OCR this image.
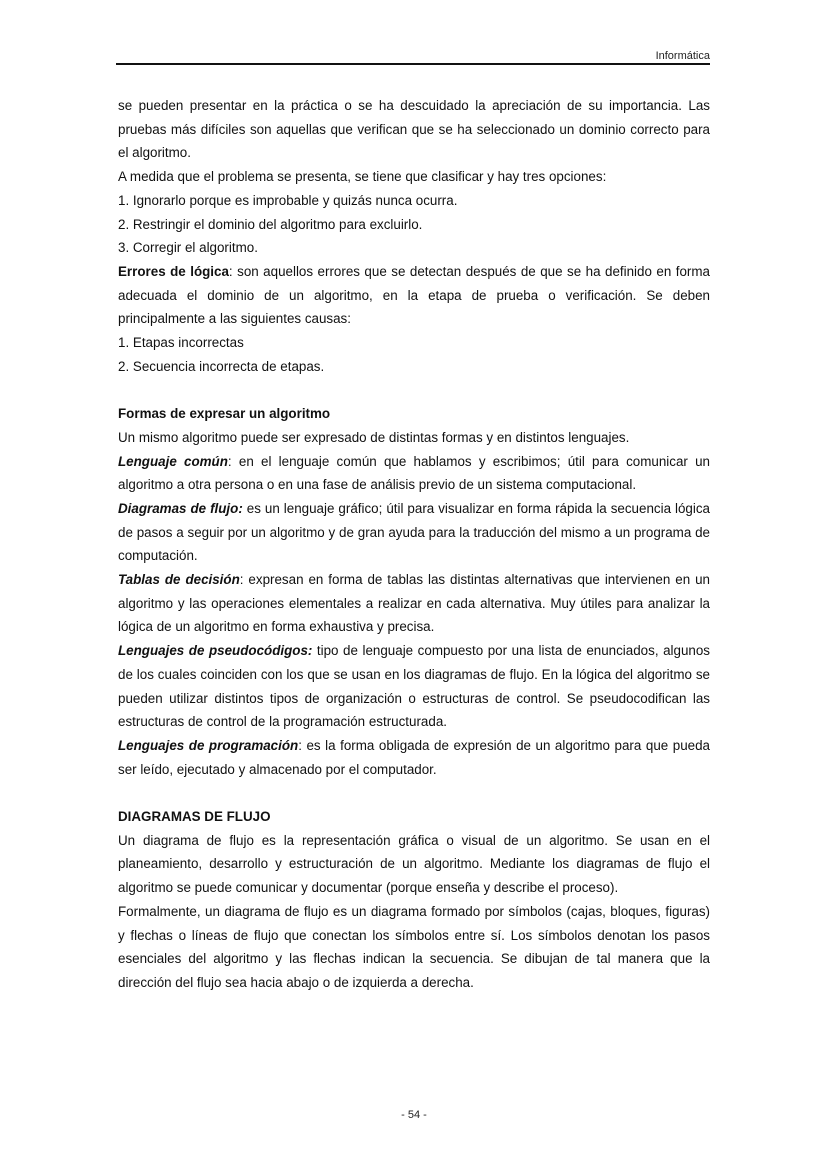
Informática

se pueden presentar en la práctica o se ha descuidado la apreciación de su importancia. Las pruebas más difíciles son aquellas que verifican que se ha seleccionado un dominio correcto para el algoritmo.

A medida que el problema se presenta, se tiene que clasificar y hay tres opciones:

1. Ignorarlo porque es improbable y quizás nunca ocurra.

2. Restringir el dominio del algoritmo para excluirlo.

3. Corregir el algoritmo.

Errores de lógica: son aquellos errores que se detectan después de que se ha definido en forma adecuada el dominio de un algoritmo, en la etapa de prueba o verificación. Se deben principalmente a las siguientes causas:

1. Etapas incorrectas

2. Secuencia incorrecta de etapas.

Formas de expresar un algoritmo

Un mismo algoritmo puede ser expresado de distintas formas y en distintos lenguajes.

Lenguaje común: en el lenguaje común que hablamos y escribimos; útil para comunicar un algoritmo a otra persona o en una fase de análisis previo de un sistema computacional.

Diagramas de flujo: es un lenguaje gráfico; útil para visualizar en forma rápida la secuencia lógica de pasos a seguir por un algoritmo y de gran ayuda para la traducción del mismo a un programa de computación.

Tablas de decisión: expresan en forma de tablas las distintas alternativas que intervienen en un algoritmo y las operaciones elementales a realizar en cada alternativa. Muy útiles para analizar la lógica de un algoritmo en forma exhaustiva y precisa.

Lenguajes de pseudocódigos: tipo de lenguaje compuesto por una lista de enunciados, algunos de los cuales coinciden con los que se usan en los diagramas de flujo. En la lógica del algoritmo se pueden utilizar distintos tipos de organización o estructuras de control. Se pseudocodifican las estructuras de control de la programación estructurada.

Lenguajes de programación: es la forma obligada de expresión de un algoritmo para que pueda ser leído, ejecutado y almacenado por el computador.

DIAGRAMAS DE FLUJO

Un diagrama de flujo es la representación gráfica o visual de un algoritmo. Se usan en el planeamiento, desarrollo y estructuración de un algoritmo. Mediante los diagramas de flujo el algoritmo se puede comunicar y documentar (porque enseña y describe el proceso).

Formalmente, un diagrama de flujo es un diagrama formado por símbolos (cajas, bloques, figuras) y flechas o líneas de flujo que conectan los símbolos entre sí. Los símbolos denotan los pasos esenciales del algoritmo y las flechas indican la secuencia. Se dibujan de tal manera que la dirección del flujo sea hacia abajo o de izquierda a derecha.

- 54 -
